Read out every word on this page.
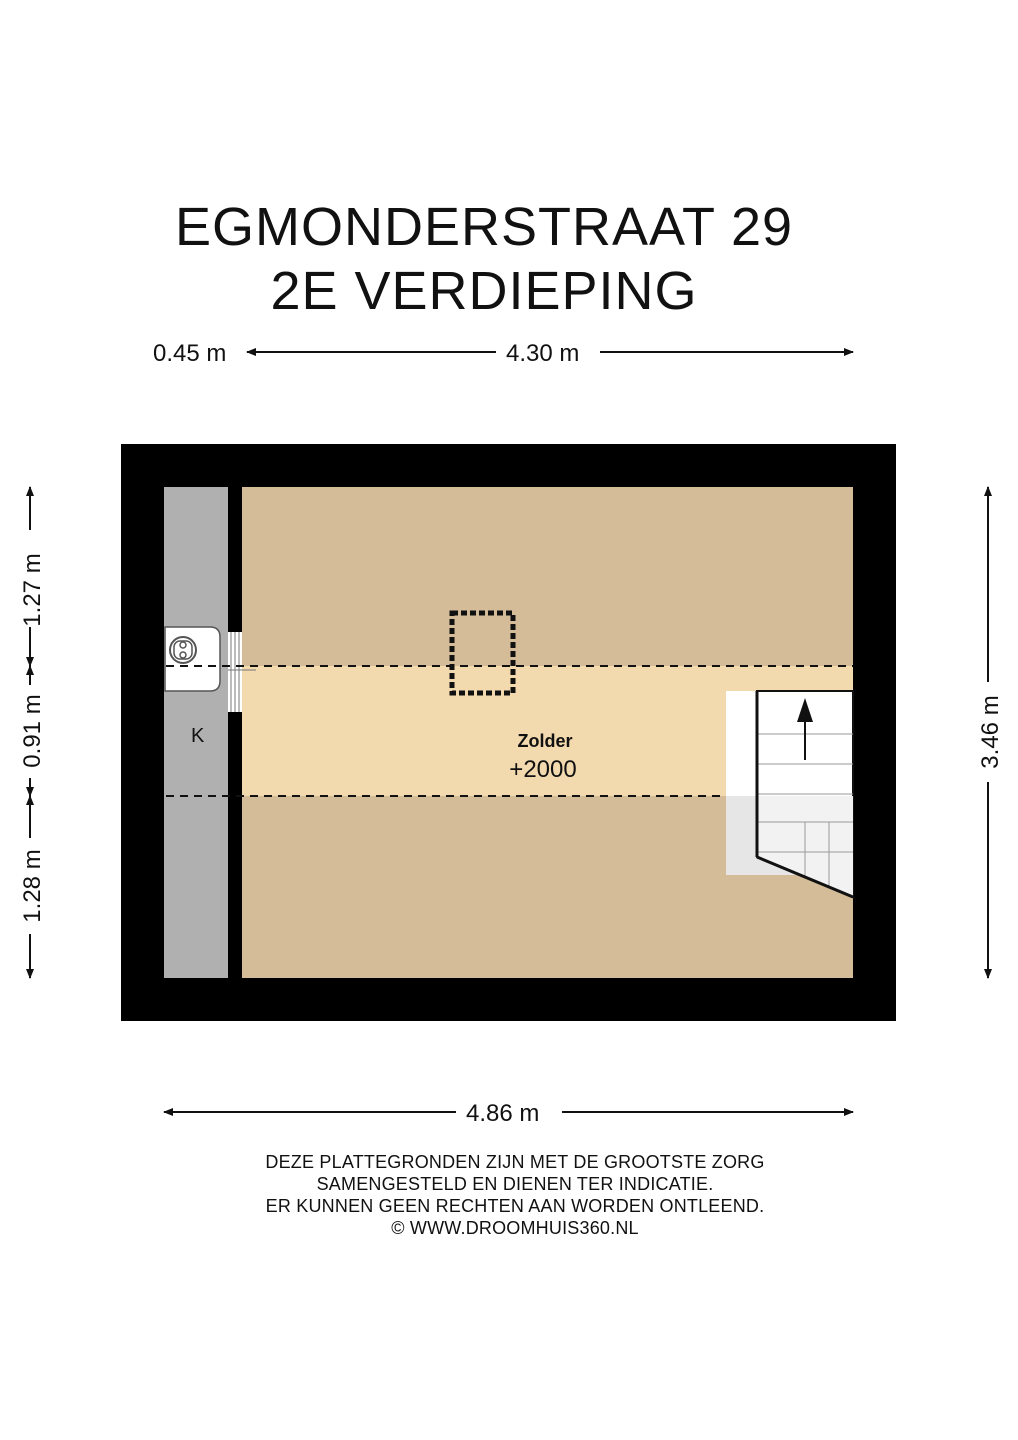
EGMONDERSTRAAT 29
2E VERDIEPING
0.45 m	4.30 m
K	Zolder
+2000
1.27 m
0.91 m
1.28 m
3.46 m
4.86 m
DEZE PLATTEGRONDEN ZIJN MET DE GROOTSTE ZORG
SAMENGESTELD EN DIENEN TER INDICATIE.
ER KUNNEN GEEN RECHTEN AAN WORDEN ONTLEEND.
© WWW.DROOMHUIS360.NL
